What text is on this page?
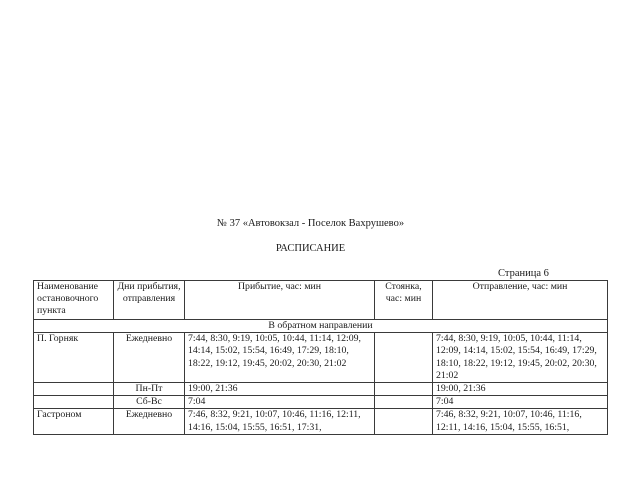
№ 37 «Автовокзал - Поселок Вахрушево»
РАСПИСАНИЕ
Страница 6
Наименование остановочного пункта	Дни прибытия, отправления	Прибытие, час: мин	Стоянка, час: мин	Отправление, час: мин
В обратном направлении				
П. Горняк	Ежедневно	7:44, 8:30, 9:19, 10:05, 10:44, 11:14, 12:09, 14:14, 15:02, 15:54, 16:49, 17:29, 18:10, 18:22, 19:12, 19:45, 20:02, 20:30, 21:02		7:44, 8:30, 9:19, 10:05, 10:44, 11:14, 12:09, 14:14, 15:02, 15:54, 16:49, 17:29, 18:10, 18:22, 19:12, 19:45, 20:02, 20:30, 21:02
	Пн-Пт	19:00, 21:36		19:00, 21:36
	Сб-Вс	7:04		7:04
Гастроном	Ежедневно	7:46, 8:32, 9:21, 10:07, 10:46, 11:16, 12:11, 14:16, 15:04, 15:55, 16:51, 17:31,		7:46, 8:32, 9:21, 10:07, 10:46, 11:16, 12:11, 14:16, 15:04, 15:55, 16:51,
